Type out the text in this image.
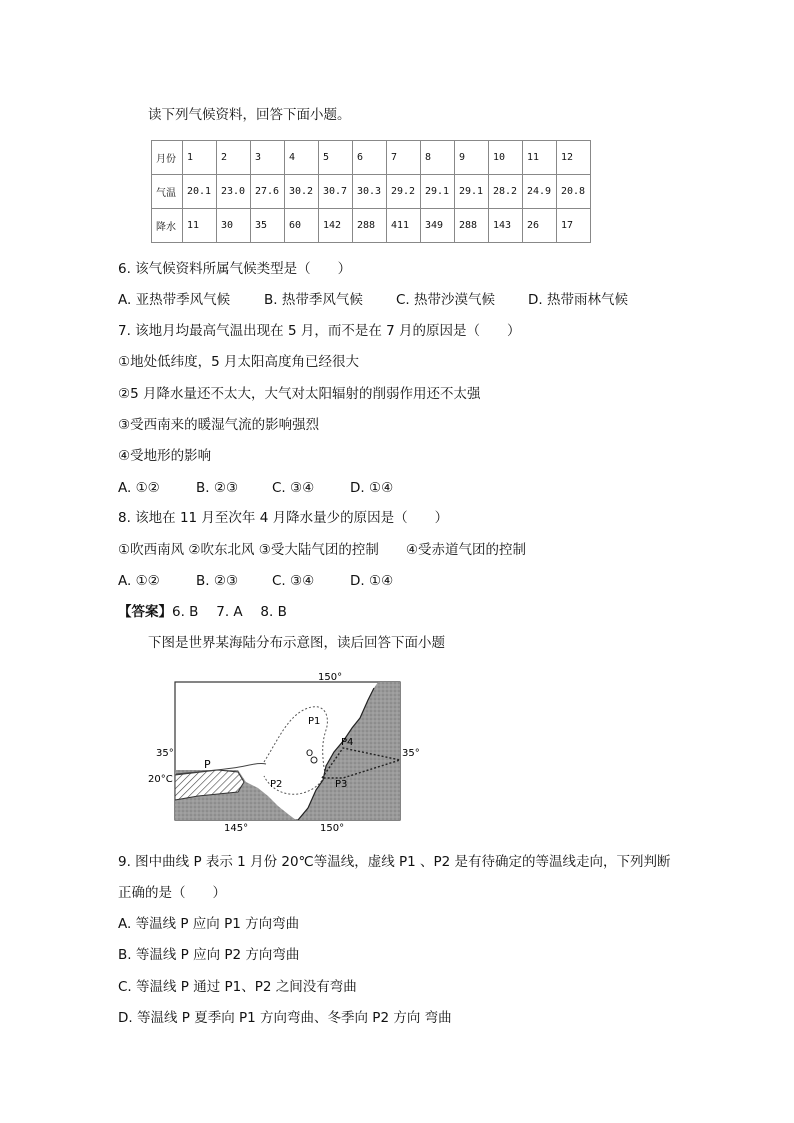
读下列气候资料，回答下面小题。
月份	1	2	3	4	5	6	7	8	9	10	11	12
气温	20.1	23.0	27.6	30.2	30.7	30.3	29.2	29.1	29.1	28.2	24.9	20.8
降水	11	30	35	60	142	288	411	349	288	143	26	17
6. 该气候资料所属气候类型是（　　）
A. 亚热带季风气候	B. 热带季风气候 C. 热带沙漠气候 D. 热带雨林气候
7. 该地月均最高气温出现在 5 月，而不是在 7 月的原因是（　　）
①地处低纬度，5 月太阳高度角已经很大
②5 月降水量还不太大，大气对太阳辐射的削弱作用还不太强
③受西南来的暖湿气流的影响强烈
④受地形的影响
A. ①②	B. ②③	C. ③④	D. ①④
8. 该地在 11 月至次年 4 月降水量少的原因是（　　）
①吹西南风 ②吹东北风 ③受大陆气团的控制　　④受赤道气团的控制
A. ①②	B. ②③	C. ③④	D. ①④
【答案】6. B　 7. A　 8. B
下图是世界某海陆分布示意图，读后回答下面小题
150°
145°	150°
35°	35°
20°C
P
P1
P2	P3
P4
O
9. 图中曲线 P 表示 1 月份 20℃等温线，虚线 P1 、P2 是有待确定的等温线走向，下列判断
正确的是（　　）
A. 等温线 P 应向 P1 方向弯曲
B. 等温线 P 应向 P2 方向弯曲
C. 等温线 P 通过 P1、P2 之间没有弯曲
D. 等温线 P 夏季向 P1 方向弯曲、冬季向 P2 方向 弯曲
